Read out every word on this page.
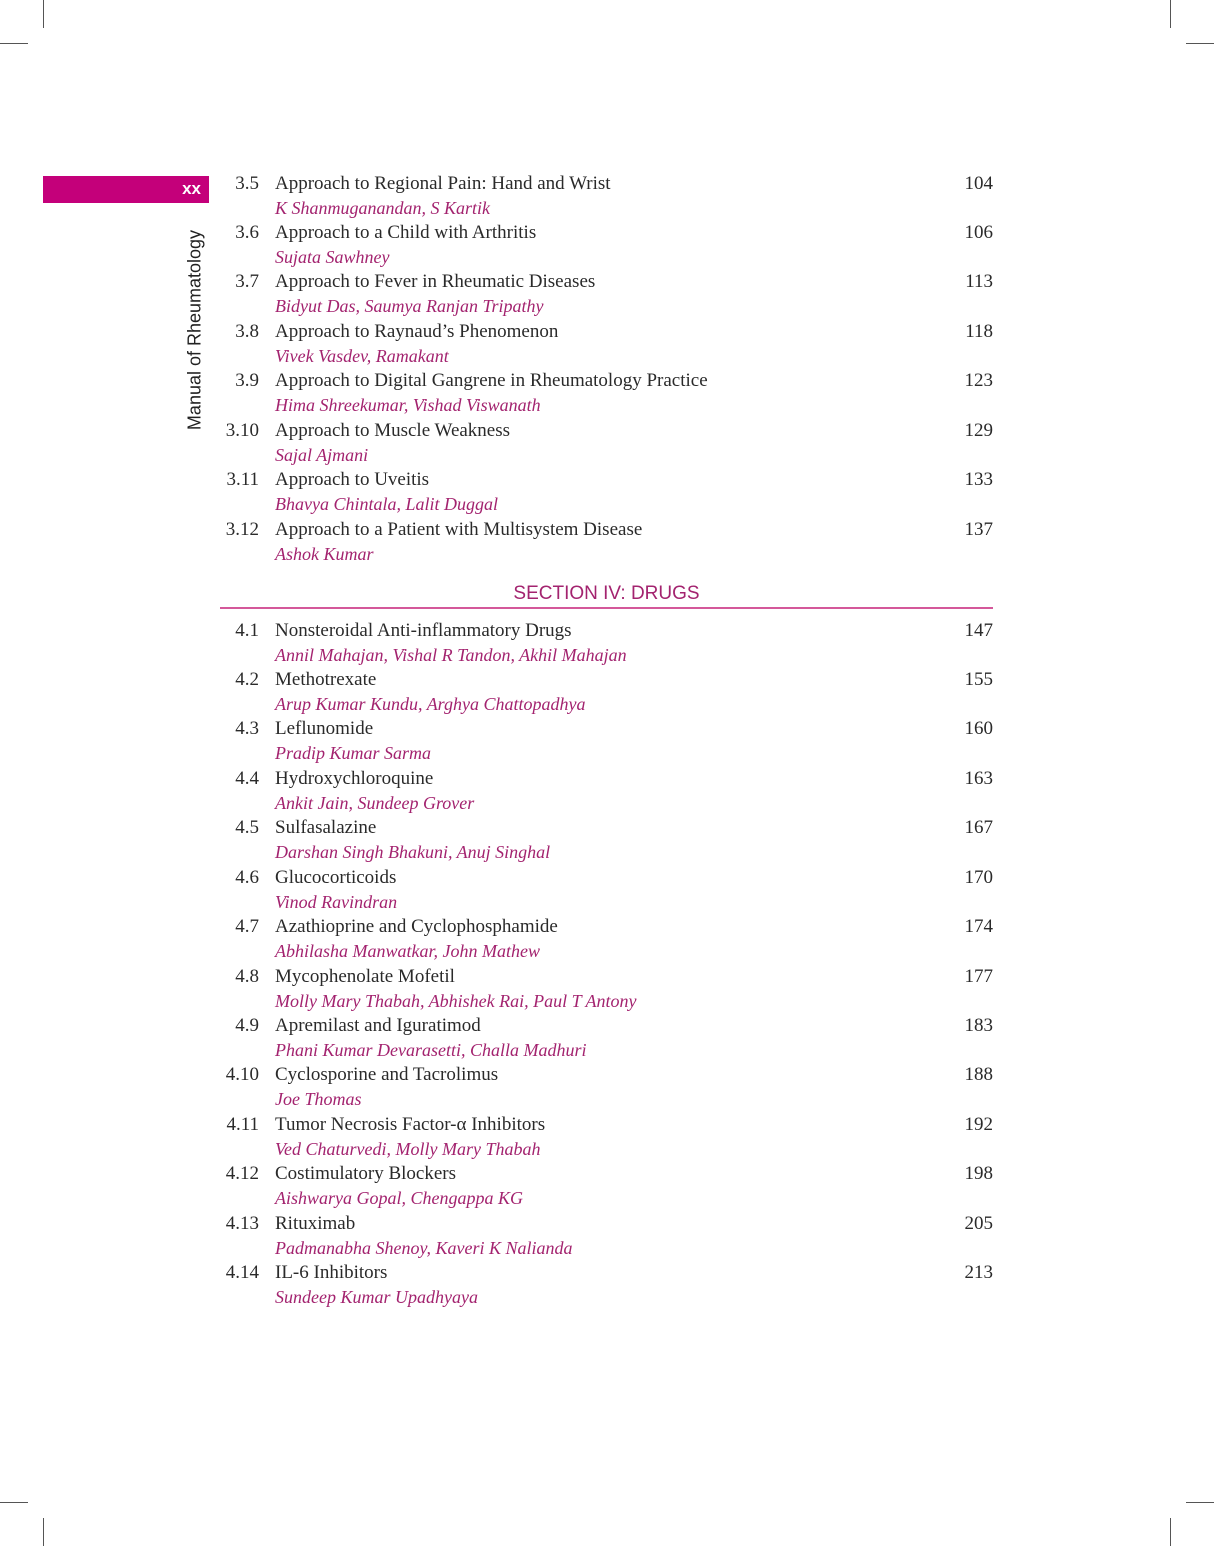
xx
Manual of Rheumatology
3.5 Approach to Regional Pain: Hand and Wrist	104
K Shanmuganandan, S Kartik
3.6 Approach to a Child with Arthritis	106
Sujata Sawhney
3.7 Approach to Fever in Rheumatic Diseases	113
Bidyut Das, Saumya Ranjan Tripathy
3.8 Approach to Raynaud’s Phenomenon	118
Vivek Vasdev, Ramakant
3.9 Approach to Digital Gangrene in Rheumatology Practice	123
Hima Shreekumar, Vishad Viswanath
3.10 Approach to Muscle Weakness	129
Sajal Ajmani
3.11 Approach to Uveitis	133
Bhavya Chintala, Lalit Duggal
3.12 Approach to a Patient with Multisystem Disease	137
Ashok Kumar
SECTION IV: DRUGS
4.1 Nonsteroidal Anti-inflammatory Drugs	147
Annil Mahajan, Vishal R Tandon, Akhil Mahajan
4.2 Methotrexate	155
Arup Kumar Kundu, Arghya Chattopadhya
4.3 Leflunomide	160
Pradip Kumar Sarma
4.4 Hydroxychloroquine	163
Ankit Jain, Sundeep Grover
4.5 Sulfasalazine	167
Darshan Singh Bhakuni, Anuj Singhal
4.6 Glucocorticoids	170
Vinod Ravindran
4.7 Azathioprine and Cyclophosphamide	174
Abhilasha Manwatkar, John Mathew
4.8 Mycophenolate Mofetil	177
Molly Mary Thabah, Abhishek Rai, Paul T Antony
4.9 Apremilast and Iguratimod	183
Phani Kumar Devarasetti, Challa Madhuri
4.10 Cyclosporine and Tacrolimus	188
Joe Thomas
4.11 Tumor Necrosis Factor-α Inhibitors	192
Ved Chaturvedi, Molly Mary Thabah
4.12 Costimulatory Blockers	198
Aishwarya Gopal, Chengappa KG
4.13 Rituximab	205
Padmanabha Shenoy, Kaveri K Nalianda
4.14 IL-6 Inhibitors	213
Sundeep Kumar Upadhyaya
